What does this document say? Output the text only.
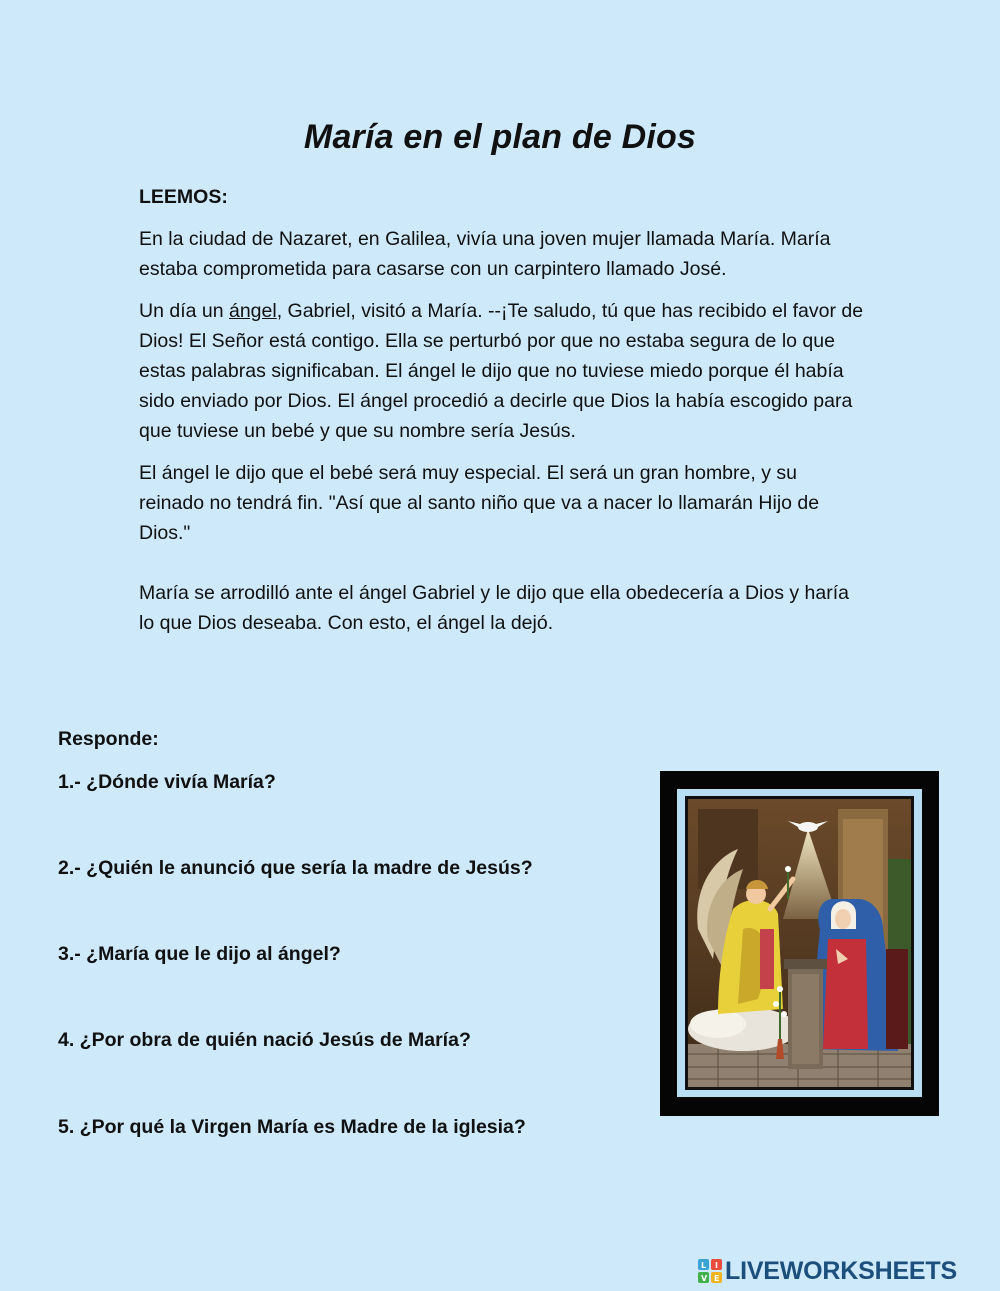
María en el plan de Dios
LEEMOS:

En la ciudad de Nazaret, en Galilea, vivía una joven mujer llamada María. María estaba comprometida para casarse con un carpintero llamado José.

Un día un ángel, Gabriel, visitó a María. --¡Te saludo, tú que has recibido el favor de Dios! El Señor está contigo. Ella se perturbó por que no estaba segura de lo que estas palabras significaban. El ángel le dijo que no tuviese miedo porque él había sido enviado por Dios. El ángel procedió a decirle que Dios la había escogido para que tuviese un bebé y que su nombre sería Jesús.

El ángel le dijo que el bebé será muy especial. El será un gran hombre, y su reinado no tendrá fin. "Así que al santo niño que va a nacer lo llamarán Hijo de Dios."

María se arrodilló ante el ángel Gabriel y le dijo que ella obedecería a Dios y haría lo que Dios deseaba. Con esto, el ángel la dejó.

Responde:
1.- ¿Dónde vivía María?
2.- ¿Quién le anunció que sería la madre de Jesús?
3.- ¿María que le dijo al ángel?
4. ¿Por obra de quién nació Jesús de María?
5. ¿Por qué la Virgen María es Madre de la iglesia?
L I
V E LIVEWORKSHEETS
